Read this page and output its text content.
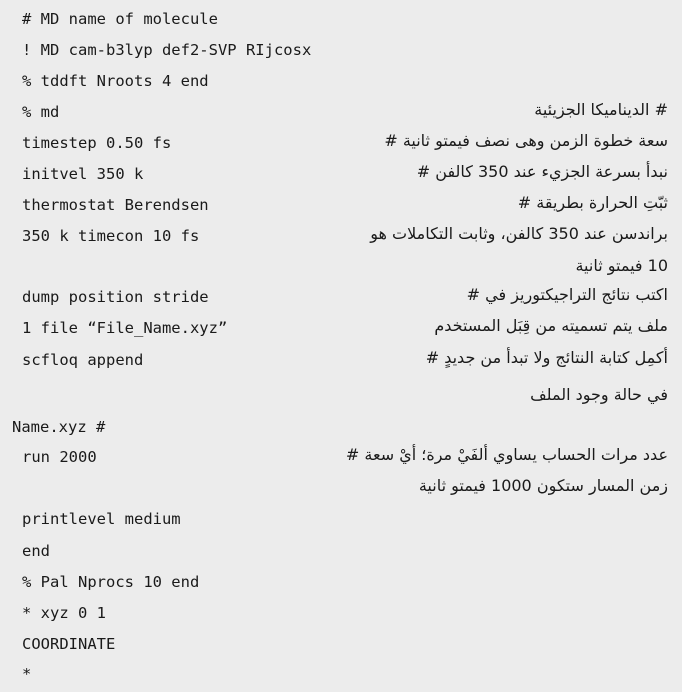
# MD name of molecule
! MD cam-b3lyp def2-SVP RIjcosx
% tddft Nroots 4 end
% md	# الديناميكا الجزيئية
timestep 0.50 fs	سعة خطوة الزمن وهى نصف فيمتو ثانية #
initvel 350 k	نبدأ بسرعة الجزيء عند 350 كالفن #
thermostat Berendsen	ثبّتِ الحرارة بطريقة #
350 k timecon 10 fs	براندسن عند 350 كالفن، وثابت التكاملات هو
10 فيمتو ثانية
dump position stride	اكتب نتائج التراجيكتوريز في #
1 file “File_Name.xyz”	ملف يتم تسميته من قِبَل المستخدم
scfloq append	أكمِل كتابة النتائج ولا تبدأ من جديدٍ #
في حالة وجود الملف
Name.xyz #
run 2000	عدد مرات الحساب يساوي ألفَيْ مرة؛ أيْ سعة #
زمن المسار ستكون 1000 فيمتو ثانية
printlevel medium
end
% Pal Nprocs 10 end
* xyz 0 1
COORDINATE
*
